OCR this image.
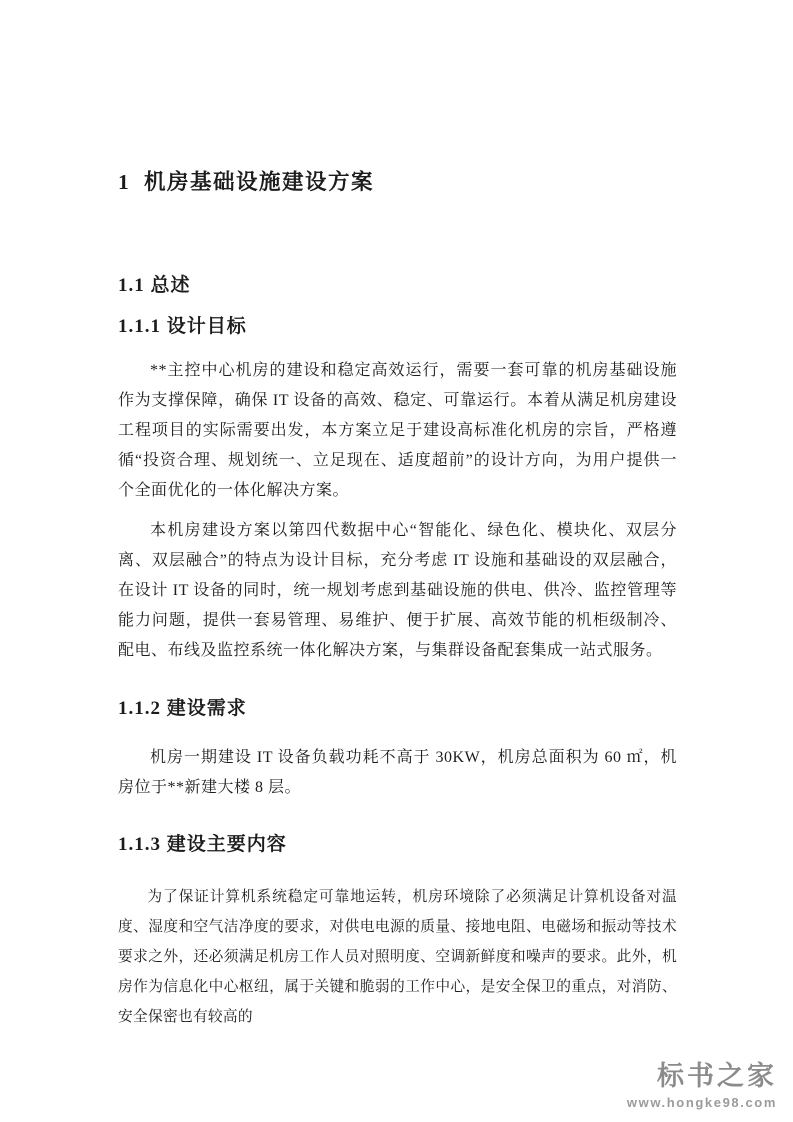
1  机房基础设施建设方案
1.1 总述
1.1.1 设计目标

**主控中心机房的建设和稳定高效运行，需要一套可靠的机房基础设施作为支撑保障，确保 IT 设备的高效、稳定、可靠运行。本着从满足机房建设工程项目的实际需要出发，本方案立足于建设高标准化机房的宗旨，严格遵循“投资合理、规划统一、立足现在、适度超前”的设计方向，为用户提供一个全面优化的一体化解决方案。

本机房建设方案以第四代数据中心“智能化、绿色化、模块化、双层分离、双层融合”的特点为设计目标，充分考虑 IT 设施和基础设的双层融合，在设计 IT 设备的同时，统一规划考虑到基础设施的供电、供冷、监控管理等能力问题，提供一套易管理、易维护、便于扩展、高效节能的机柜级制冷、配电、布线及监控系统一体化解决方案，与集群设备配套集成一站式服务。

1.1.2 建设需求

机房一期建设 IT 设备负载功耗不高于 30KW，机房总面积为 60 ㎡，机房位于**新建大楼 8 层。

1.1.3 建设主要内容

为了保证计算机系统稳定可靠地运转，机房环境除了必须满足计算机设备对温度、湿度和空气洁净度的要求，对供电电源的质量、接地电阻、电磁场和振动等技术要求之外，还必须满足机房工作人员对照明度、空调新鲜度和噪声的要求。此外，机房作为信息化中心枢纽，属于关键和脆弱的工作中心，是安全保卫的重点，对消防、安全保密也有较高的

标书之家
www.hongke98.com
